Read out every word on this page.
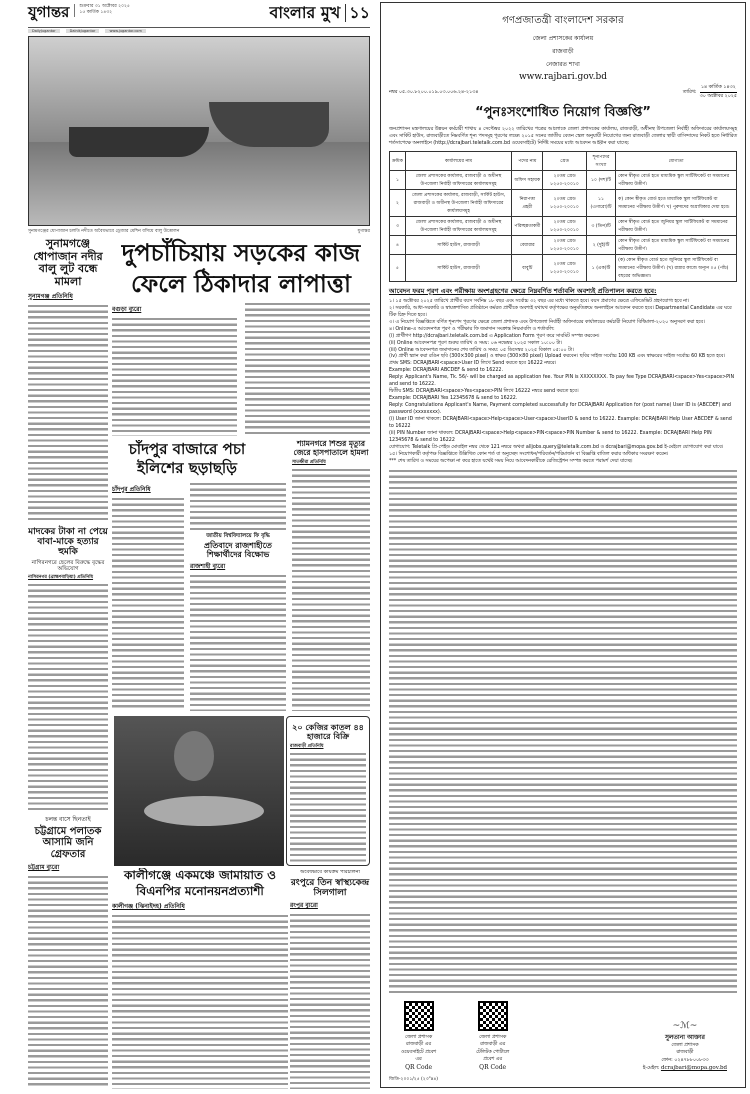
যুগান্তর শুক্রবার ৩১ অক্টোবর ২০২৫
১৫ কার্তিক ১৪৩২	বাংলার মুখ ১১
DailyJugantor	DainikJugantor	www.jugantor.com
সুনামগঞ্জের ধোপাজান চলতি নদীতে অবৈধভাবে ড্রেজার মেশিন বসিয়ে বালু উত্তোলন	যুগান্তর
সুনামগঞ্জে ধোপাজান নদীর বালু লুট বন্ধে মামলা
সুনামগঞ্জ প্রতিনিধি
মাদকের টাকা না পেয়ে বাবা-মাকে হত্যার হুমকি
নাগিরনগরে ছেলের বিরুদ্ধে বৃদ্ধের অভিযোগ
নাসিরনগর (ব্রাহ্মণবাড়িয়া) প্রতিনিধি
চলন্ত বাসে ছিনতাই
চট্টগ্রামে পলাতক আসামি জনি গ্রেফতার
চট্টগ্রাম ব্যুরো
দুপচাঁচিয়ায় সড়কের কাজ ফেলে ঠিকাদার লাপাত্তা
বগুড়া ব্যুরো
চাঁদপুর বাজারে পচা ইলিশের ছড়াছড়ি
চাঁদপুর প্রতিনিধি
জাতীয় বিশ্ববিদ্যালয়ে ফি বৃদ্ধি
প্রতিবাদে রাজশাহীতে শিক্ষার্থীদের বিক্ষোভ
রাজশাহী ব্যুরো
শ্যামনগরে শিশুর মৃত্যুর জেরে হাসপাতালে হামলা
সাতক্ষীরা প্রতিনিধি
২০ কেজির কাতল ৪৪ হাজারে বিক্রি
রাজবাড়ী প্রতিনিধি
কালীগঞ্জে একমঞ্চে জামায়াত ও বিএনপির মনোনয়নপ্রত্যাশী
কালীগঞ্জ (ঝিনাইদহ) প্রতিনিধি
অবৈধভাবে কার্যক্রম পরিচালনা
রংপুরে তিন স্বাস্থ্যকেন্দ্র সিলগালা
রংপুর ব্যুরো
গণপ্রজাতন্ত্রী বাংলাদেশ সরকার
জেলা প্রশাসকের কার্যালয়
রাজবাড়ী
নেজারত শাখা
www.rajbari.gov.bd
নম্বর ০৫.৩০.৮২০০.০১৯.০৩.০০৬.২৪-২১৩৪	তারিখ:
১৪ কার্তিক ১৪৩২
৩০ অক্টোবর ২০২৫
“পুনঃসংশোধিত নিয়োগ বিজ্ঞপ্তি”
জনপ্রশাসন মন্ত্রণালয়ের উন্নয়ন কর্মচারী শাখায় ৪ সেপ্টেম্বর ২০২২ তারিখের পত্রের আলোকে জেলা প্রশাসকের কার্যালয়, রাজবাড়ী, অধীনস্থ উপজেলা নির্বাহী অফিসারের কার্যালয়সমূহ এবং সার্কিট হাউস, রাজবাড়ীতে নিম্নবর্ণিত শূন্য পদসমূহ পূরণের লক্ষ্যে ২০১৫ সনের জাতীয় বেতন স্কেল অনুযায়ী নিয়োগের জন্য রাজবাড়ী জেলার স্থায়ী বাসিন্দাদের নিকট হতে নির্ধারিত শর্তসাপেক্ষে অনলাইনে (http://dcrajbari.teletalk.com.bd ওয়েবসাইটে) নির্দিষ্ট সময়ের মধ্যে আবেদন আহ্বান করা যাচ্ছে:
ক্রমিক	কার্যালয়ের নাম	পদের নাম	গ্রেড	শূন্যপদের সংখ্যা	যোগ্যতা
১	জেলা প্রশাসকের কার্যালয়, রাজবাড়ী ও অধীনস্থ উপজেলা নির্বাহী অফিসারের কার্যালয়সমূহ	অফিস সহায়ক	২০তম গ্রেড ৮২৫০-২০০১০	১০ (দশ)টি	কোন স্বীকৃত বোর্ড হতে মাধ্যমিক স্কুল সার্টিফিকেট বা সমমানের পরীক্ষায় উত্তীর্ণ।
২	জেলা প্রশাসকের কার্যালয়, রাজবাড়ী, সার্কিট হাউস, রাজবাড়ী ও অধীনস্থ উপজেলা নির্বাহী অফিসারের কার্যালয়সমূহ	নিরাপত্তা প্রহরী	২০তম গ্রেড ৮২৫০-২০০১০	১১ (এগারো)টি	ক) কোন স্বীকৃত বোর্ড হতে মাধ্যমিক স্কুল সার্টিফিকেট বা সমমানের পরীক্ষায় উত্তীর্ণ। খ) পুরুষদের অগ্রাধিকার দেয়া হবে।
৩	জেলা প্রশাসকের কার্যালয়, রাজবাড়ী ও অধীনস্থ উপজেলা নির্বাহী অফিসারের কার্যালয়সমূহ	পরিচ্ছন্নতাকর্মী	২০তম গ্রেড ৮২৫০-২০০১০	৩ (তিন)টি	কোন স্বীকৃত বোর্ড হতে জুনিয়র স্কুল সার্টিফিকেট বা সমমানের পরীক্ষায় উত্তীর্ণ।
৪	সার্কিট হাউস, রাজবাড়ী	বেয়ারার	২০তম গ্রেড ৮২৫০-২০০১০	২ (দুই)টি	কোন স্বীকৃত বোর্ড হতে মাধ্যমিক স্কুল সার্টিফিকেট বা সমমানের পরীক্ষায় উত্তীর্ণ।
৫	সার্কিট হাউস, রাজবাড়ী	বাবুর্চি	২০তম গ্রেড ৮২৫০-২০০১০	১ (এক)টি	(ক) কোন স্বীকৃত বোর্ড হতে জুনিয়র স্কুল সার্টিফিকেট বা সমমানের পরীক্ষায় উত্তীর্ণ। (খ) রান্নার কাজে অন্যূন ০৫ (পাঁচ) বছরের অভিজ্ঞতা।
আবেদন ফরম পূরণ এবং পরীক্ষায় অংশগ্রহণের ক্ষেত্রে নিম্নবর্ণিত শর্তাবলি অবশ্যই প্রতিপালন করতে হবে:

১। ১৫ অক্টোবর ২০২৫ তারিখে প্রার্থীর বয়স সর্বনিম্ন ১৮ বছর এবং সর্বোচ্চ ৩২ বছর এর মধ্যে থাকতে হবে। বয়স প্রমাণের ক্ষেত্রে এফিডেভিট গ্রহণযোগ্য হবে না।

২। সরকারি, আধা-সরকারি ও স্বায়ত্তশাসিত প্রতিষ্ঠানে কর্মরত প্রার্থীকে অবশ্যই যথাযথ কর্তৃপক্ষের অনুমতিক্রমে অনলাইনে আবেদন করতে হবে। Departmental Candidate এর ঘরে টিক চিহ্ন দিতে হবে।

৩। এ নিয়োগ বিজ্ঞপ্তিতে বর্ণিত শূন্যপদ পূরণের ক্ষেত্রে জেলা প্রশাসক এবং উপজেলা নির্বাহী অফিসারের কার্যালয়ের কর্মচারী নিয়োগ বিধিমালা-২০২০ অনুসরণ করা হবে।

৪। Online-এ আবেদনপত্র পূরণ ও পরীক্ষার ফি জমাদান সংক্রান্ত নিয়মাবলি ও শর্তাবলি:

(i) প্রার্থীগণ http://dcrajbari.teletalk.com.bd এ Application Form পূরণ করে সাবমিট সম্পন্ন করবেন।

(ii) Online আবেদনপত্র পূরণ শুরুর তারিখ ও সময়: ০৬ নভেম্বর ২০২৫ সকাল ১০:০০ টা।

(iii) Online আবেদনপত্র জমাদানের শেষ তারিখ ও সময়: ০৫ ডিসেম্বর ২০২৫ বিকাল ০৫:০০ টা।

(iv) প্রার্থী স্ক্যান করা রঙিন ছবি (300×300 pixel) ও স্বাক্ষর (300×80 pixel) Upload করবেন। ছবির সাইজ সর্বোচ্চ 100 KB এবং স্বাক্ষরের সাইজ সর্বোচ্চ 60 KB হতে হবে।

প্রথম SMS: DCRAJBARI<space>User ID লিখে Send করতে হবে 16222 নম্বরে।

Example: DCRAJBARI ABCDEF & send to 16222.

Reply: Applicant's Name, Tk. 56/- will be charged as application fee. Your PIN is XXXXXXXX. To pay fee Type DCRAJBARI<space>Yes<space>PIN and send to 16222.

দ্বিতীয় SMS: DCRAJBARI<space>Yes<space>PIN লিখে 16222 নম্বরে send করতে হবে।

Example: DCRAJBARI Yes 12345678 & send to 16222.

Reply: Congratulations Applicant's Name, Payment completed successfully for DCRAJBARI Application for (post name) User ID is (ABCDEF) and password (xxxxxxxx).

(i) User ID জানা থাকলে: DCRAJBARI<space>Help<space>User<space>UserID & send to 16222. Example: DCRAJBARI Help User ABCDEF & send to 16222

(ii) PIN Number জানা থাকলে: DCRAJBARI<space>Help<space>PIN<space>PIN Number & send to 16222. Example: DCRAJBARI Help PIN 12345678 & send to 16222

যোগাযোগ: Teletalk প্রি-পেইড মোবাইল নম্বর থেকে 121 নম্বরে অথবা alljobs.query@teletalk.com.bd ও dcrajbari@mopa.gov.bd ই-মেইলে যোগাযোগ করা যাবে।

১৫। নিয়োগকারী কর্তৃপক্ষ বিজ্ঞপ্তিতে উল্লিখিত কোন শর্ত বা অনুচ্ছেদ সংশোধন/পরিবর্তন/পরিমার্জন বা বিজ্ঞপ্তি বাতিল করার অধিকার সংরক্ষণ করেন।

*** শেষ তারিখ ও সময়ের অপেক্ষা না করে হাতে যথেষ্ট সময় নিয়ে আবেদনকারীকে রেজিস্ট্রেশন সম্পন্ন করতে পরামর্শ দেয়া যাচ্ছে।

জেলা প্রশাসক
রাজবাড়ী এর
ওয়েবসাইটে প্রবেশ
এর
QR Code
জেলা প্রশাসক
রাজবাড়ী এর
টেলিটক পোর্টালে
প্রবেশ এর
QR Code
~ℳ~
সুলতানা আক্তার
জেলা প্রশাসক
রাজবাড়ী
ফোন: ০২৪৭৮৮০০৮৩৩
ই-মেইল: dcrajbari@mopa.gov.bd
জিডি-২০০১/২৫ (২৩"x৪)
